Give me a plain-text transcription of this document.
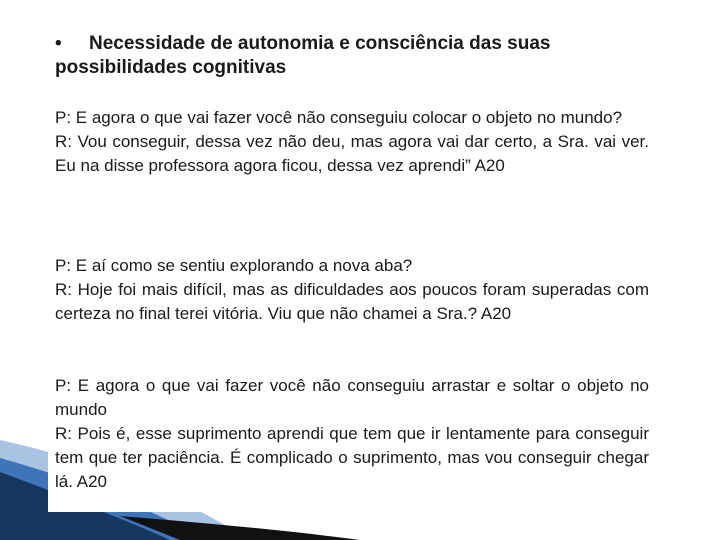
• Necessidade de autonomia e consciência das suas possibilidades cognitivas

P: E agora o que vai fazer você não conseguiu colocar o objeto no mundo?

R: Vou conseguir, dessa vez não deu, mas agora vai dar certo, a Sra. vai ver. Eu na disse professora agora ficou, dessa vez aprendi” A20

P: E aí como se sentiu explorando a nova aba?

R: Hoje foi mais difícil, mas as dificuldades aos poucos foram superadas com certeza no final terei vitória. Viu que não chamei a Sra.? A20

P: E agora o que vai fazer você não conseguiu arrastar e soltar o objeto no mundo

R: Pois é, esse suprimento aprendi que tem que ir lentamente para conseguir tem que ter paciência. É complicado o suprimento, mas vou conseguir chegar lá. A20
